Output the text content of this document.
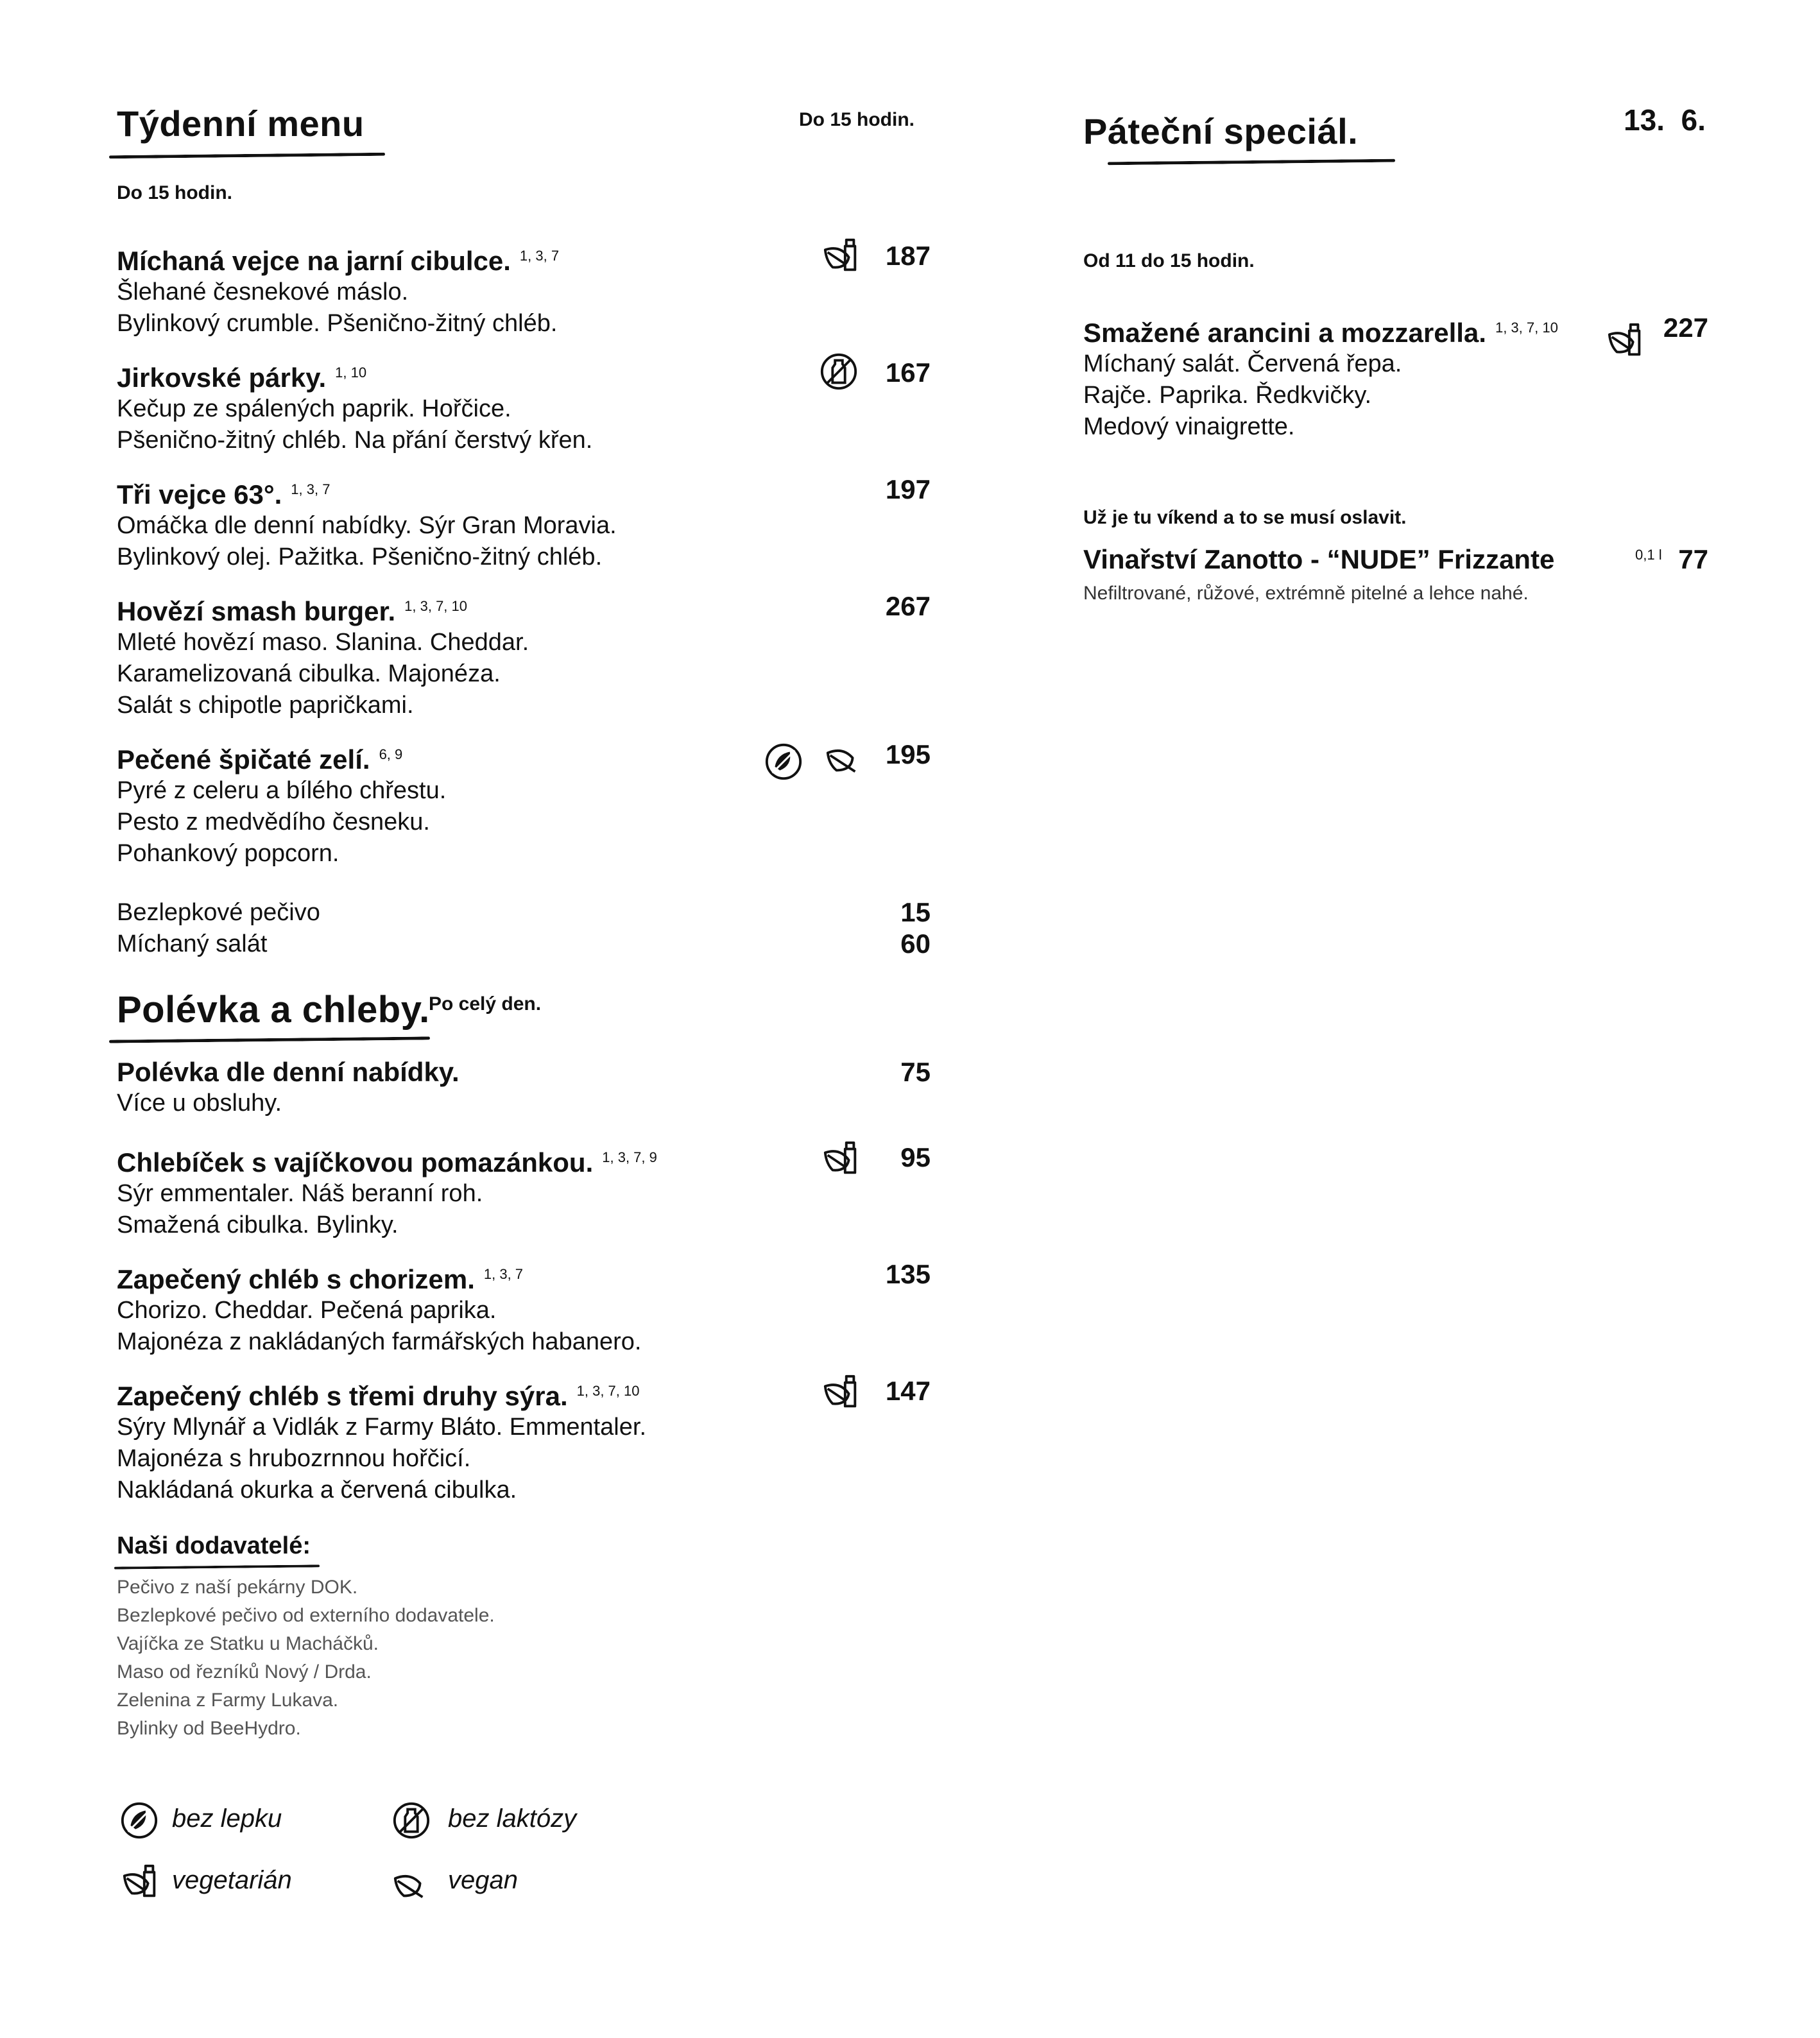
Týdenní menu	Do 15 hodin.
Do 15 hodin.
Míchaná vejce na jarní cibulce. $^{1, 3, 7}$
Šlehané česnekové máslo.
Bylinkový crumble. Pšeničnо-žitný chléb.
187
Jirkovské párky. $^{1, 10}$
Kečup ze spálených paprik. Hořčice.
Pšeničnо-žitný chléb. Na přání čerstvý křen.
167
Tři vejce 63°. $^{1, 3, 7}$
Omáčka dle denní nabídky. Sýr Gran Moravia.
Bylinkový olej. Pažitka. Pšeničnо-žitný chléb.
197
Hovězí smash burger. $^{1, 3, 7, 10}$
Mleté hovězí maso. Slanina. Cheddar.
Karamelizovaná cibulka. Majonéza.
Salát s chipotle papričkami.
267
Pečené špičaté zelí. $^{6, 9}$
Pyré z celeru a bílého chřestu.
Pesto z medvědího česneku.
Pohankový popcorn.
195
Bezlepkové pečivo	15
Míchaný salát	60
Polévka a chleby.
Po celý den.
Polévka dle denní nabídky.
Více u obsluhy.
75
Chlebíček s vajíčkovou pomazánkou. $^{1, 3, 7, 9}$
Sýr emmentaler. Náš beranní roh.
Smažená cibulka. Bylinky.
95
Zapečený chléb s chorizem. $^{1, 3, 7}$
Chorizo. Cheddar. Pečená paprika.
Majonéza z nakládaných farmářských habanero.
135
Zapečený chléb s třemi druhy sýra. $^{1, 3, 7, 10}$
Sýry Mlynář a Vidlák z Farmy Bláto. Emmentaler.
Majonéza s hrubozrnnou hořčicí.
Nakládaná okurka a červená cibulka.
147
Naši dodavatelé:
Pečivo z naší pekárny DOK.
Bezlepkové pečivo od externího dodavatele.
Vajíčka ze Statku u Macháčků.
Maso od řezníků Nový / Drda.
Zelenina z Farmy Lukava.
Bylinky od BeeHydro.
bez lepku	bez laktózy
vegetarián	vegan
Páteční speciál.	13.  6.
Od 11 do 15 hodin.
Smažené arancini a mozzarella. $^{1, 3, 7, 10}$
Míchaný salát. Červená řepa.
Rajče. Paprika. Ředkvičky.
Medový vinaigrette.
227
Už je tu víkend a to se musí oslavit.
Vinařství Zanotto - “NUDE” Frizzante	0,1 l 77
Nefiltrované, růžové, extrémně pitelné a lehce nahé.
